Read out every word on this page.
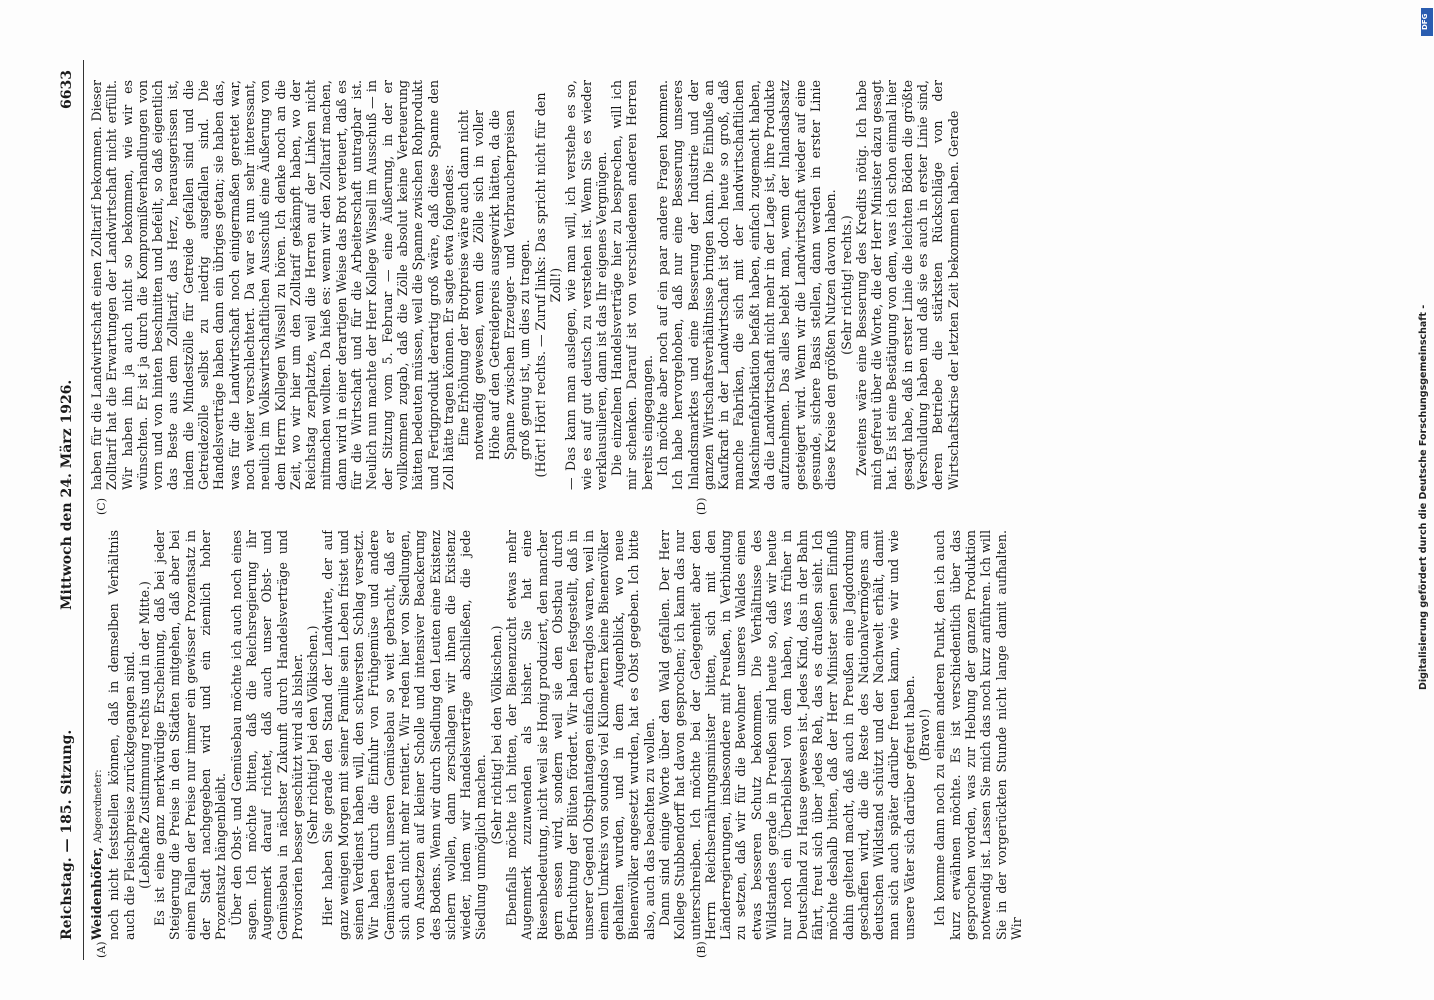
Reichstag. — 185. Sitzung.
Mittwoch den 24. März 1926.
6633

Weidenhöfer, Abgeordneter: noch nicht feststellen können, daß in demselben Verhältnis auch die Fleischpreise zurückgegangen sind. (Lebhafte Zustimmung rechts und in der Mitte.) Es ist eine ganz merkwürdige Erscheinung, daß bei jeder Steigerung die Preise in den Städten mitgehen, daß aber bei einem Fallen der Preise nur immer ein gewisser Prozentsatz in der Stadt nachgegeben wird und ein ziemlich hoher Prozentsatz hängenbleibt. Über den Obst- und Gemüsebau möchte ich auch noch eines sagen. Ich möchte bitten, daß die Reichsregierung ihr Augenmerk darauf richtet, daß auch unser Obst- und Gemüsebau in nächster Zukunft durch Handelsverträge und Provisorien besser geschützt wird als bisher. (Sehr richtig! bei den Völkischen.) Hier haben Sie gerade den Stand der Landwirte, der auf ganz wenigen Morgen mit seiner Familie sein Leben fristet und seinen Verdienst haben will, den schwersten Schlag versetzt. Wir haben durch die Einfuhr von Frühgemüse und andere Gemüsearten unseren Gemüsebau so weit gebracht, daß er sich auch nicht mehr rentiert. Wir reden hier von Siedlungen, von Ansetzen auf kleiner Scholle und intensiver Beackerung des Bodens. Wenn wir durch Siedlung den Leuten eine Existenz sichern wollen, dann zerschlagen wir ihnen die Existenz wieder, indem wir Handelsverträge abschließen, die jede Siedlung unmöglich machen.

(Sehr richtig! bei den Völkischen.) Ebenfalls möchte ich bitten, der Bienenzucht etwas mehr Augenmerk zuzuwenden als bisher. Sie hat eine Riesenbedeutung, nicht weil sie Honig produziert, den mancher gern essen wird, sondern weil sie den Obstbau durch Befruchtung der Blüten fördert. Wir haben festgestellt, daß in unserer Gegend Obstplantagen einfach ertraglos waren, weil in einem Umkreis von soundso viel Kilometern keine Bienenvölker gehalten wurden, und in dem Augenblick, wo neue Bienenvölker angesetzt wurden, hat es Obst gegeben. Ich bitte also, auch das beachten zu wollen. Dann sind einige Worte über den Wald gefallen. Der Herr Kollege Stubbendorff hat davon gesprochen; ich kann das nur unterschreiben. Ich möchte bei der Gelegenheit aber den Herrn Reichsernährungsminister bitten, sich mit den Länderregierungen, insbesondere mit Preußen, in Verbindung zu setzen, daß wir für die Bewohner unseres Waldes einen etwas besseren Schutz bekommen. Die Verhältnisse des Wildstandes gerade in Preußen sind heute so, daß wir heute nur noch ein Überbleibsel von dem haben, was früher in Deutschland zu Hause gewesen ist. Jedes Kind, das in der Bahn fährt, freut sich über jedes Reh, das es draußen sieht. Ich möchte deshalb bitten, daß der Herr Minister seinen Einfluß dahin geltend macht, daß auch in Preußen eine Jagdordnung geschaffen wird, die die Reste des Nationalvermögens am deutschen Wildstand schützt und der Nachwelt erhält, damit man sich auch später darüber freuen kann, wie wir und wie unsere Väter sich darüber gefreut haben. (Bravo!) Ich komme dann noch zu einem anderen Punkt, den ich auch kurz erwähnen möchte. Es ist verschiedentlich über das gesprochen worden, was zur Hebung der ganzen Produktion notwendig ist. Lassen Sie mich das noch kurz anführen. Ich will Sie in der vorgerückten Stunde nicht lange damit aufhalten. Wir

haben für die Landwirtschaft einen Zolltarif bekommen. Dieser Zolltarif hat die Erwartungen der Landwirtschaft nicht erfüllt. Wir haben ihn ja auch nicht so bekommen, wie wir es wünschten. Er ist ja durch die Kompromißverhandlungen von vorn und von hinten beschnitten und befeilt, so daß eigentlich das Beste aus dem Zolltarif, das Herz, herausgerissen ist, indem die Mindestzölle für Getreide gefallen sind und die Getreidezölle selbst zu niedrig ausgefallen sind. Die Handelsverträge haben dann ein übriges getan; sie haben das, was für die Landwirtschaft noch einigermaßen gerettet war, noch weiter verschlechtert. Da war es nun sehr interessant, neulich im Volkswirtschaftlichen Ausschuß eine Äußerung von dem Herrn Kollegen Wissell zu hören. Ich denke noch an die Zeit, wo wir hier um den Zolltarif gekämpft haben, wo der Reichstag zerplatzte, weil die Herren auf der Linken nicht mitmachen wollten. Da hieß es: wenn wir den Zolltarif machen, dann wird in einer derartigen Weise das Brot verteuert, daß es für die Wirtschaft und für die Arbeiterschaft untragbar ist. Neulich nun machte der Herr Kollege Wissell im Ausschuß — in der Sitzung vom 5. Februar — eine Äußerung, in der er vollkommen zugab, daß die Zölle absolut keine Verteuerung hätten bedeuten müssen, weil die Spanne zwischen Rohprodukt und Fertigprodukt derartig groß wäre, daß diese Spanne den Zoll hätte tragen können. Er sagte etwa folgendes: Eine Erhöhung der Brotpreise wäre auch dann nicht notwendig gewesen, wenn die Zölle sich in voller Höhe auf den Getreidepreis ausgewirkt hätten, da die Spanne zwischen Erzeuger- und Verbraucherpreisen groß genug ist, um dies zu tragen. (Hört! Hört! rechts. — Zuruf links: Das spricht nicht für den Zoll!) — Das kann man auslegen, wie man will, ich verstehe es so, wie es auf gut deutsch zu verstehen ist. Wenn Sie es wieder verklausulieren, dann ist das Ihr eigenes Vergnügen. Die einzelnen Handelsverträge hier zu besprechen, will ich mir schenken. Darauf ist von verschiedenen anderen Herren bereits eingegangen. Ich möchte aber noch auf ein paar andere Fragen kommen. Ich habe hervorgehoben, daß nur eine Besserung unseres Inlandsmarktes und eine Besserung der Industrie und der ganzen Wirtschaftsverhältnisse bringen kann. Die Einbuße an Kaufkraft in der Landwirtschaft ist doch heute so groß, daß manche Fabriken, die sich mit der landwirtschaftlichen Maschinenfabrikation befaßt haben, einfach zugemacht haben, da die Landwirtschaft nicht mehr in der Lage ist, ihre Produkte aufzunehmen. Das alles belebt man, wenn der Inlandsabsatz gesteigert wird. Wenn wir die Landwirtschaft wieder auf eine gesunde, sichere Basis stellen, dann werden in erster Linie diese Kreise den größten Nutzen davon haben. (Sehr richtig! rechts.) Zweitens wäre eine Besserung des Kredits nötig. Ich habe mich gefreut über die Worte, die der Herr Minister dazu gesagt hat. Es ist eine Bestätigung von dem, was ich schon einmal hier gesagt habe, daß in erster Linie die leichten Böden die größte Verschuldung haben und daß sie es auch in erster Linie sind, deren Betriebe die stärksten Rückschläge von der Wirtschaftskrise der letzten Zeit bekommen haben. Gerade

(A)	(B)
(C)	(D)
DFG
Digitalisierung gefördert durch die Deutsche Forschungsgemeinschaft -
